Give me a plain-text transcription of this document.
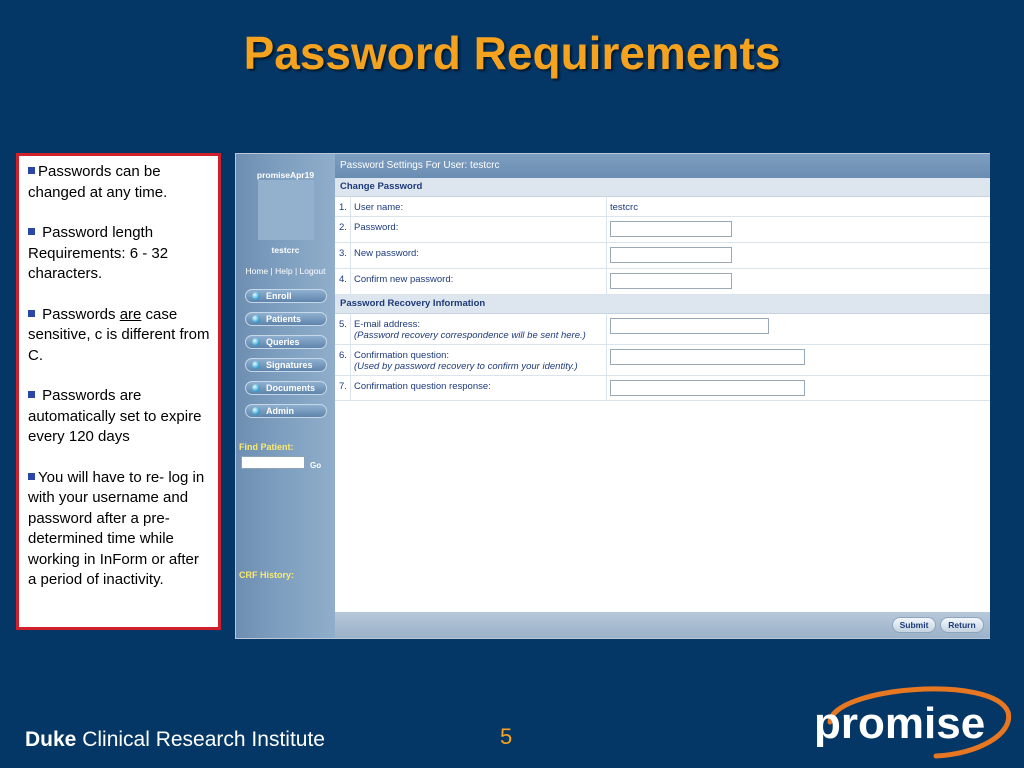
Password Requirements

Passwords can be changed at any time.

Password length Requirements: 6 - 32 characters.

Passwords are case sensitive, c is different from C.

Passwords are automatically set to expire every 120 days

You will have to re- log in with your username and password after a pre-determined time while working in InForm or after a period of inactivity.

promiseApr19
testcrc
Home | Help | Logout
Enroll
Patients
Queries
Signatures
Documents
Admin
Find Patient:
Go
CRF History:
Password Settings For User: testcrc
Change Password
1. User name:	testcrc
2. Password:
3. New password:
4. Confirm new password:
Password Recovery Information
5. E-mail address:
(Password recovery correspondence will be sent here.)
6. Confirmation question:
(Used by password recovery to confirm your identity.)
7. Confirmation question response:
Submit	Return
Duke Clinical Research Institute	5	promise
